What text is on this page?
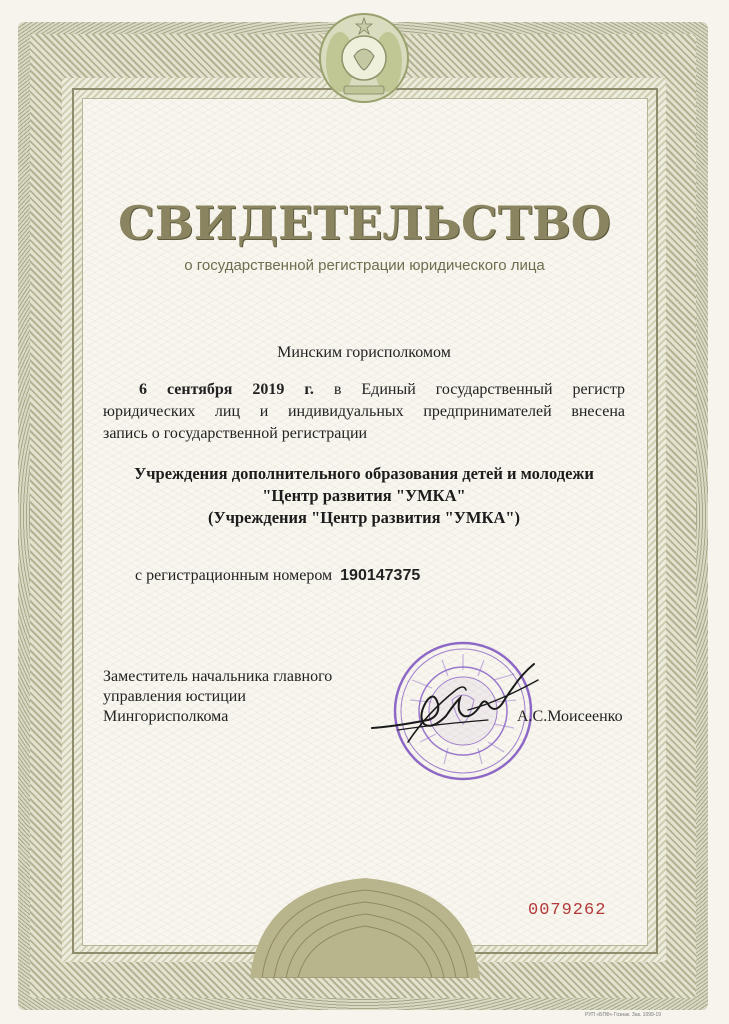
СВИДЕТЕЛЬСТВО
о государственной регистрации юридического лица
Минским горисполкомом
6 сентября 2019 г. в Единый государственный регистр
юридических лиц и индивидуальных предпринимателей внесена
запись о государственной регистрации
Учреждения дополнительного образования детей и молодежи
"Центр развития "УМКА"
(Учреждения "Центр развития "УМКА")
с регистрационным номером 190147375
Заместитель начальника главного
управления юстиции
Мингорисполкома	А.С.Моисеенко
0079262
РУП «БПФ» Гознак. Зак. 1099-19
